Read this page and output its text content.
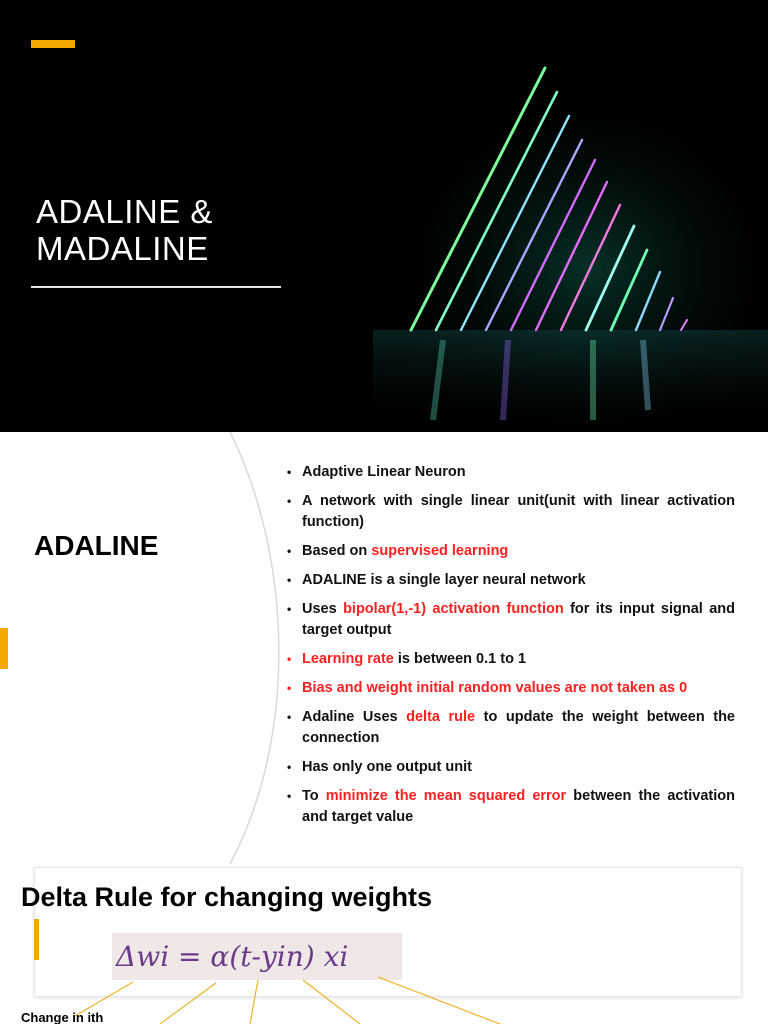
ADALINE &
MADALINE
ADALINE
• Adaptive Linear Neuron
• A network with single linear unit(unit with linear activation function)
• Based on supervised learning
• ADALINE is a single layer neural network
• Uses bipolar(1,-1) activation function for its input signal and target output
• Learning rate is between 0.1 to 1
• Bias and weight initial random values are not taken as 0
• Adaline Uses delta rule to update the weight between the connection
• Has only one output unit
• To minimize the mean squared error between the activation and target value
Delta Rule for changing weights
Δwi = α(t-yin) xi
Change in ith
